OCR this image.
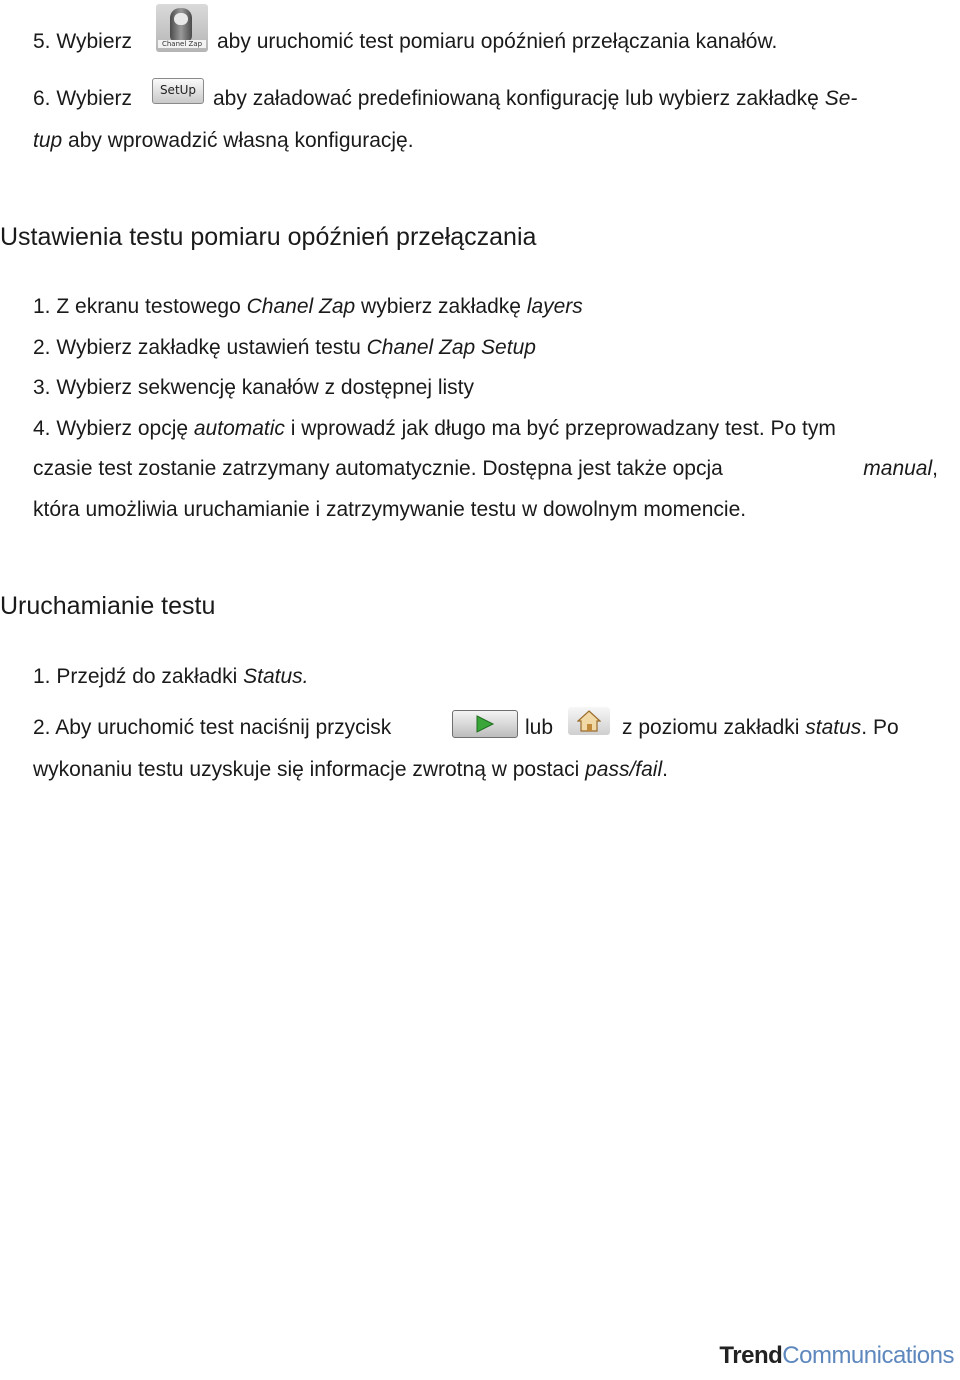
5. Wybierz	Chanel Zap aby uruchomić test pomiaru opóźnień przełączania kanałów.
6. Wybierz	SetUp aby załadować predefiniowaną konfigurację lub wybierz zakładkę Se-
tup aby wprowadzić własną konfigurację.
Ustawienia testu pomiaru opóźnień przełączania
1. Z ekranu testowego Chanel Zap wybierz zakładkę layers
2. Wybierz zakładkę ustawień testu Chanel Zap Setup
3. Wybierz sekwencję kanałów z dostępnej listy
4. Wybierz opcję automatic i wprowadź jak długo ma być przeprowadzany test. Po tym
czasie test zostanie zatrzymany automatycznie. Dostępna jest także opcja	manual,
która umożliwia uruchamianie i zatrzymywanie testu w dowolnym momencie.
Uruchamianie testu
1. Przejdź do zakładki Status.
2. Aby uruchomić test naciśnij przycisk	lub	z poziomu zakładki status. Po
wykonaniu testu uzyskuje się informacje zwrotną w postaci pass/fail.
TrendCommunications
